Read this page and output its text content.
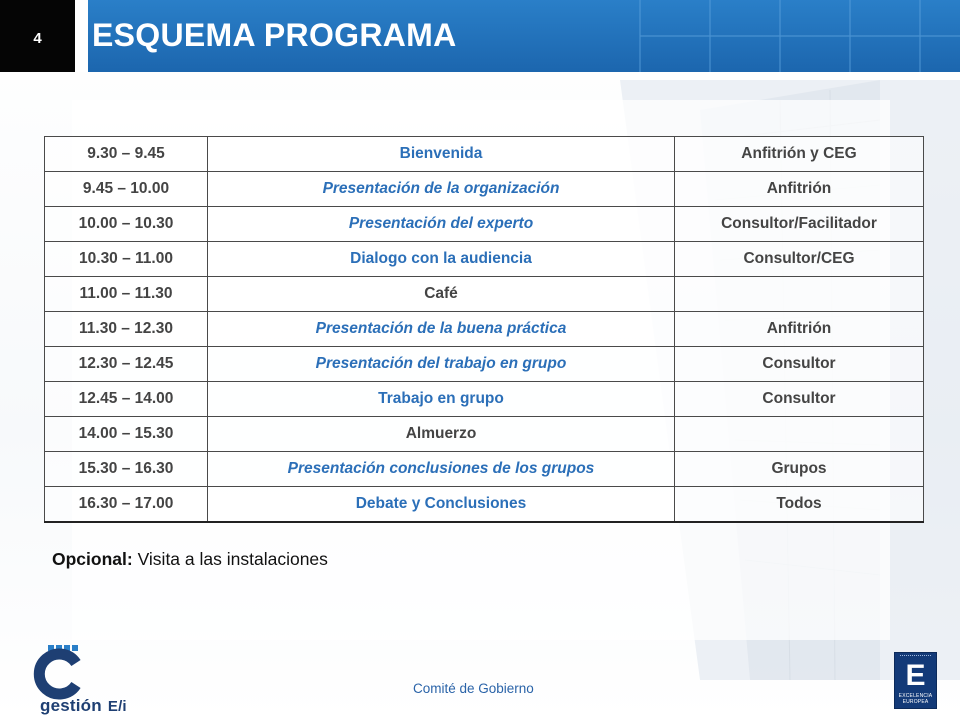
4	ESQUEMA PROGRAMA
9.30 – 9.45	Bienvenida	Anfitrión y CEG
9.45 – 10.00	Presentación de la organización	Anfitrión
10.00 – 10.30	Presentación del experto	Consultor/Facilitador
10.30 – 11.00	Dialogo con la audiencia	Consultor/CEG
11.00 – 11.30	Café	
11.30 – 12.30	Presentación de la buena práctica	Anfitrión
12.30 – 12.45	Presentación del trabajo en grupo	Consultor
12.45 – 14.00	Trabajo en grupo	Consultor
14.00 – 15.30	Almuerzo	
15.30 – 16.30	Presentación conclusiones de los grupos	Grupos
16.30 – 17.00	Debate y Conclusiones	Todos
Opcional: Visita a las instalaciones
Comité de Gobierno
gestión E/i
E
EXCELENCIA EUROPEA
